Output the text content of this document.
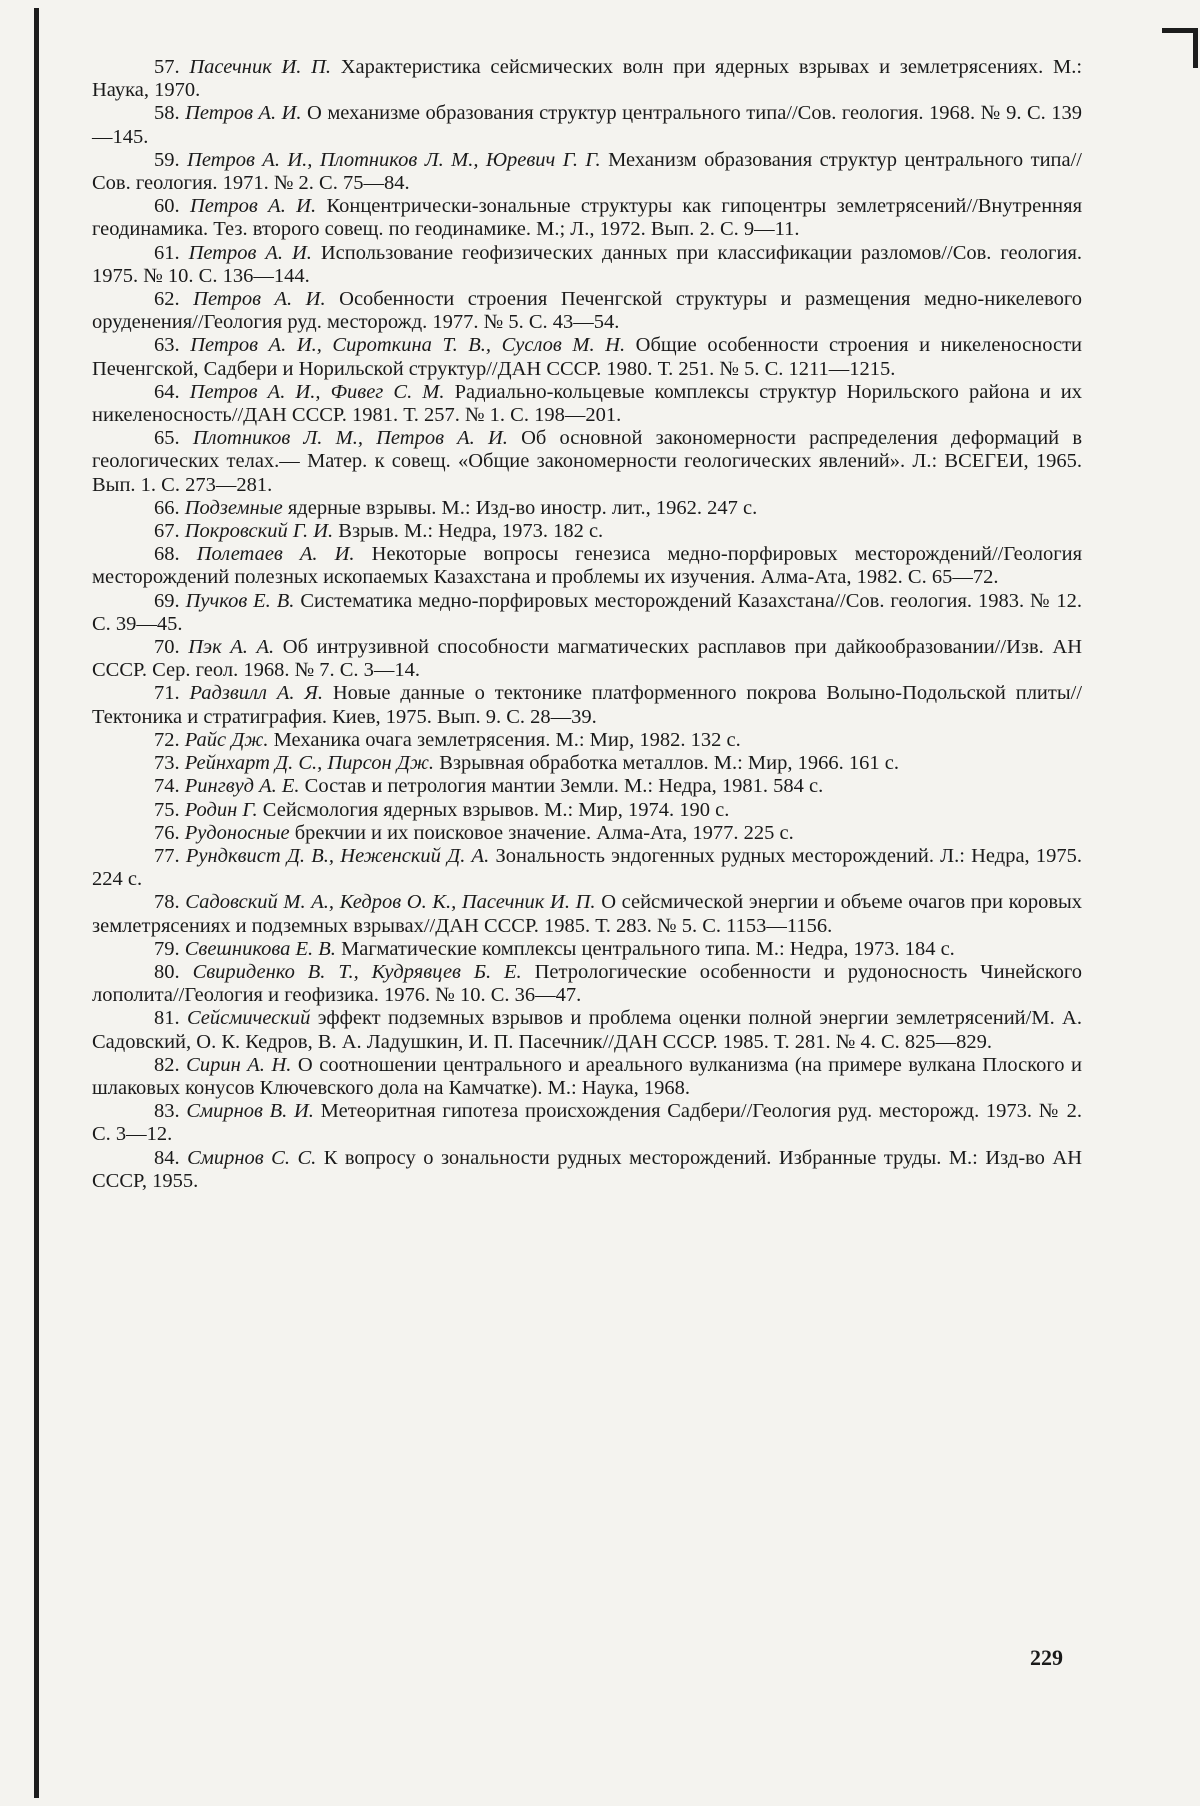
57. Пасечник И. П. Характеристика сейсмических волн при ядерных взрывах и землетрясениях. М.: Наука, 1970.

58. Петров А. И. О механизме образования структур центрального типа//Сов. геология. 1968. № 9. С. 139—145.

59. Петров А. И., Плотников Л. М., Юревич Г. Г. Механизм образования структур центрального типа//Сов. геология. 1971. № 2. С. 75—84.

60. Петров А. И. Концентрически-зональные структуры как гипоцентры землетрясений//Внутренняя геодинамика. Тез. второго совещ. по геодинамике. М.; Л., 1972. Вып. 2. С. 9—11.

61. Петров А. И. Использование геофизических данных при классификации разломов//Сов. геология. 1975. № 10. С. 136—144.

62. Петров А. И. Особенности строения Печенгской структуры и размещения медно-никелевого оруденения//Геология руд. месторожд. 1977. № 5. С. 43—54.

63. Петров А. И., Сироткина Т. В., Суслов М. Н. Общие особенности строения и никеленосности Печенгской, Садбери и Норильской структур//ДАН СССР. 1980. Т. 251. № 5. С. 1211—1215.

64. Петров А. И., Фивег С. М. Радиально-кольцевые комплексы структур Норильского района и их никеленосность//ДАН СССР. 1981. Т. 257. № 1. С. 198—201.

65. Плотников Л. М., Петров А. И. Об основной закономерности распределения деформаций в геологических телах.— Матер. к совещ. «Общие закономерности геологических явлений». Л.: ВСЕГЕИ, 1965. Вып. 1. С. 273—281.

66. Подземные ядерные взрывы. М.: Изд-во иностр. лит., 1962. 247 с.

67. Покровский Г. И. Взрыв. М.: Недра, 1973. 182 с.

68. Полетаев А. И. Некоторые вопросы генезиса медно-порфировых месторождений//Геология месторождений полезных ископаемых Казахстана и проблемы их изучения. Алма-Ата, 1982. С. 65—72.

69. Пучков Е. В. Систематика медно-порфировых месторождений Казахстана//Сов. геология. 1983. № 12. С. 39—45.

70. Пэк А. А. Об интрузивной способности магматических расплавов при дайкообразовании//Изв. АН СССР. Сер. геол. 1968. № 7. С. 3—14.

71. Радзвилл А. Я. Новые данные о тектонике платформенного покрова Волыно-Подольской плиты//Тектоника и стратиграфия. Киев, 1975. Вып. 9. С. 28—39.

72. Райс Дж. Механика очага землетрясения. М.: Мир, 1982. 132 с.

73. Рейнхарт Д. С., Пирсон Дж. Взрывная обработка металлов. М.: Мир, 1966. 161 с.

74. Рингвуд А. Е. Состав и петрология мантии Земли. М.: Недра, 1981. 584 с.

75. Родин Г. Сейсмология ядерных взрывов. М.: Мир, 1974. 190 с.

76. Рудоносные брекчии и их поисковое значение. Алма-Ата, 1977. 225 с.

77. Рундквист Д. В., Неженский Д. А. Зональность эндогенных рудных месторождений. Л.: Недра, 1975. 224 с.

78. Садовский М. А., Кедров О. К., Пасечник И. П. О сейсмической энергии и объеме очагов при коровых землетрясениях и подземных взрывах//ДАН СССР. 1985. Т. 283. № 5. С. 1153—1156.

79. Свешникова Е. В. Магматические комплексы центрального типа. М.: Недра, 1973. 184 с.

80. Свириденко В. Т., Кудрявцев Б. Е. Петрологические особенности и рудоносность Чинейского лополита//Геология и геофизика. 1976. № 10. С. 36—47.

81. Сейсмический эффект подземных взрывов и проблема оценки полной энергии землетрясений/М. А. Садовский, О. К. Кедров, В. А. Ладушкин, И. П. Пасечник//ДАН СССР. 1985. Т. 281. № 4. С. 825—829.

82. Сирин А. Н. О соотношении центрального и ареального вулканизма (на примере вулкана Плоского и шлаковых конусов Ключевского дола на Камчатке). М.: Наука, 1968.

83. Смирнов В. И. Метеоритная гипотеза происхождения Садбери//Геология руд. месторожд. 1973. № 2. С. 3—12.

84. Смирнов С. С. К вопросу о зональности рудных месторождений. Избранные труды. М.: Изд-во АН СССР, 1955.

229
